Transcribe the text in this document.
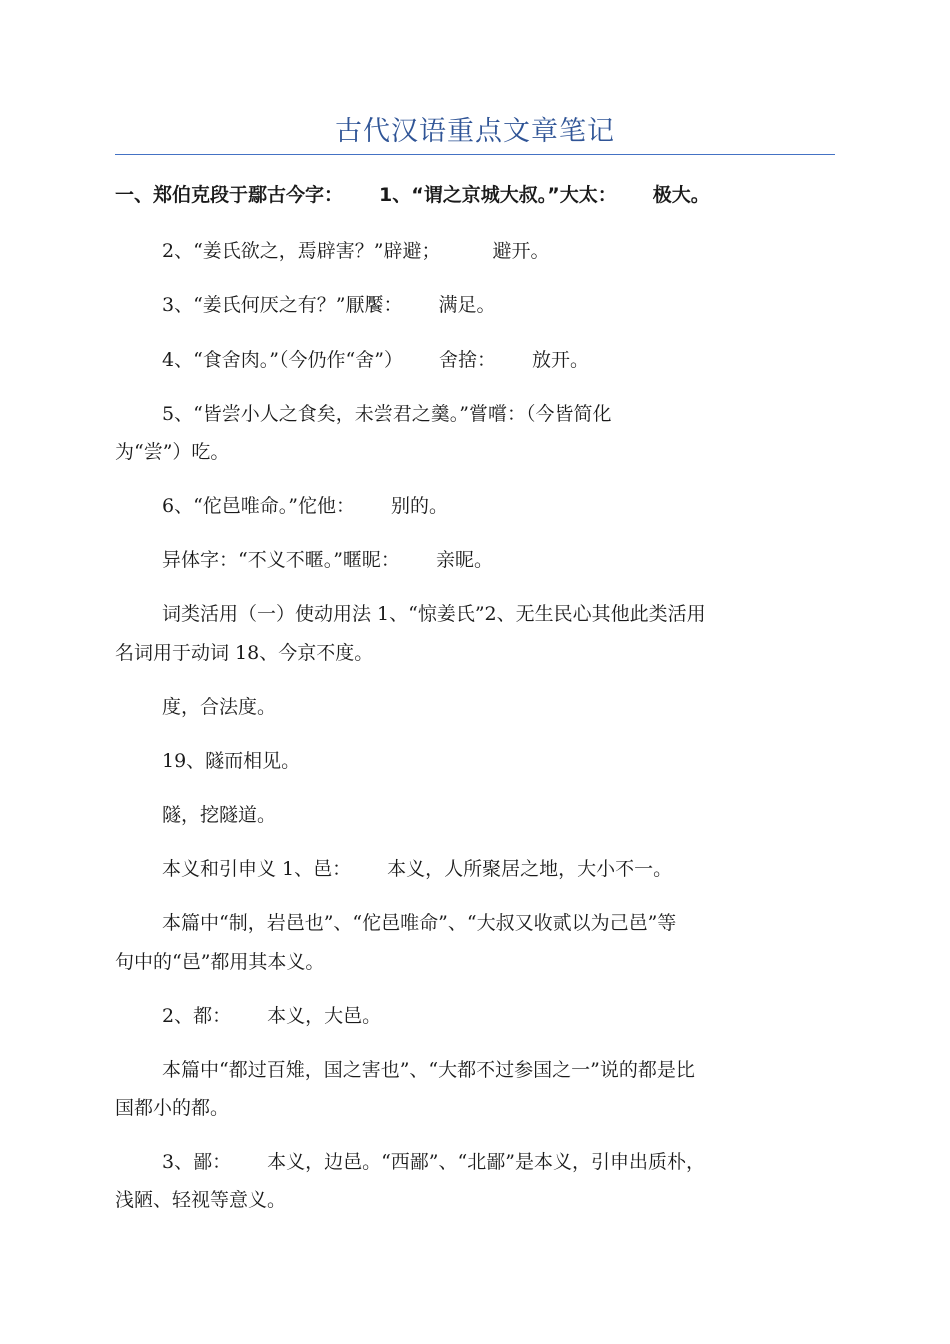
古代汉语重点文章笔记
一、郑伯克段于鄢古今字： 1、“谓之京城大叔。”大太： 极大。
2、“姜氏欲之，焉辟害？”辟避；	避开。
3、“姜氏何厌之有？”厭饜： 满足。
4、“食舍肉。”（今仍作“舍”） 舍捨： 放开。
5、“皆尝小人之食矣，未尝君之羹。”嘗嚐：（今皆简化
为“尝”）吃。
6、“佗邑唯命。”佗他： 别的。
异体字：“不义不暱。”暱昵： 亲昵。
词类活用（一）使动用法 1、“惊姜氏”2、无生民心其他此类活用
名词用于动词 18、今京不度。
度，合法度。
19、隧而相见。
隧，挖隧道。
本义和引申义 1、邑： 本义，人所聚居之地，大小不一。
本篇中“制，岩邑也”、“佗邑唯命”、“大叔又收贰以为己邑”等
句中的“邑”都用其本义。
2、都： 本义，大邑。
本篇中“都过百雉，国之害也”、“大都不过参国之一”说的都是比
国都小的都。
3、鄙： 本义，边邑。“西鄙”、“北鄙”是本义，引申出质朴，
浅陋、轻视等意义。
